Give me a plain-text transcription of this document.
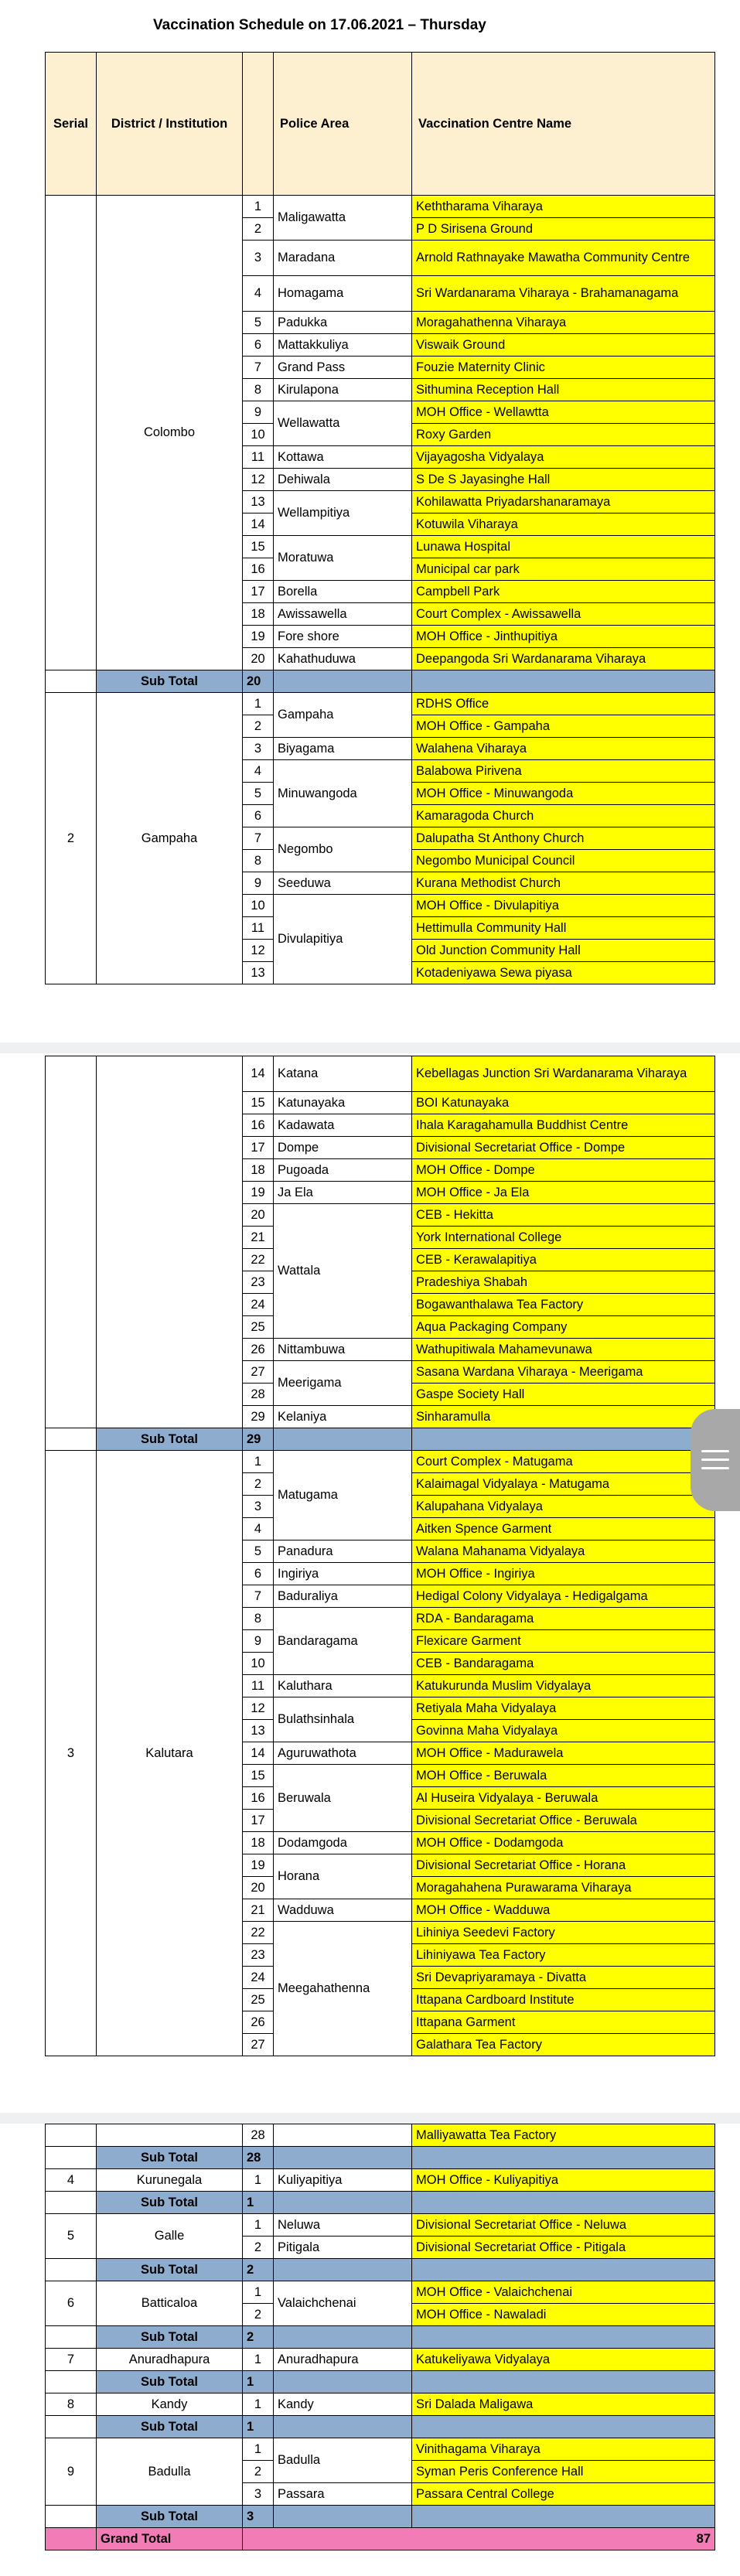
Vaccination Schedule on 17.06.2021 – Thursday
Serial	District / Institution		Police Area	Vaccination Centre Name
	Colombo	1	Maligawatta	Keththarama Viharaya
		2		P D Sirisena Ground
		3	Maradana	Arnold Rathnayake Mawatha Community Centre
		4	Homagama	Sri Wardanarama Viharaya - Brahamanagama
		5	Padukka	Moragahathenna Viharaya
		6	Mattakkuliya	Viswaik Ground
		7	Grand Pass	Fouzie Maternity Clinic
		8	Kirulapona	Sithumina Reception Hall
		9	Wellawatta	MOH Office - Wellawtta
		10		Roxy Garden
		11	Kottawa	Vijayagosha Vidyalaya
		12	Dehiwala	S De S Jayasinghe Hall
		13	Wellampitiya	Kohilawatta Priyadarshanaramaya
		14		Kotuwila Viharaya
		15	Moratuwa	Lunawa Hospital
		16		Municipal car park
		17	Borella	Campbell Park
		18	Awissawella	Court Complex - Awissawella
		19	Fore shore	MOH Office - Jinthupitiya
		20	Kahathuduwa	Deepangoda Sri Wardanarama Viharaya
	Sub Total	20		
2	Gampaha	1	Gampaha	RDHS Office
		2		MOH Office - Gampaha
		3	Biyagama	Walahena Viharaya
		4	Minuwangoda	Balabowa Pirivena
		5		MOH Office - Minuwangoda
		6		Kamaragoda Church
		7	Negombo	Dalupatha St Anthony Church
		8		Negombo Municipal Council
		9	Seeduwa	Kurana Methodist Church
		10	Divulapitiya	MOH Office - Divulapitiya
		11		Hettimulla Community Hall
		12		Old Junction Community Hall
		13		Kotadeniyawa Sewa piyasa
		14	Katana	Kebellagas Junction Sri Wardanarama Viharaya
		15	Katunayaka	BOI Katunayaka
		16	Kadawata	Ihala Karagahamulla Buddhist Centre
		17	Dompe	Divisional Secretariat Office - Dompe
		18	Pugoada	MOH Office - Dompe
		19	Ja Ela	MOH Office - Ja Ela
		20	Wattala	CEB - Hekitta
		21		York International College
		22		CEB - Kerawalapitiya
		23		Pradeshiya Shabah
		24		Bogawanthalawa Tea Factory
		25		Aqua Packaging Company
		26	Nittambuwa	Wathupitiwala Mahamevunawa
		27	Meerigama	Sasana Wardana Viharaya - Meerigama
		28		Gaspe Society Hall
		29	Kelaniya	Sinharamulla
	Sub Total	29		
3	Kalutara	1	Matugama	Court Complex - Matugama
		2		Kalaimagal Vidyalaya - Matugama
		3		Kalupahana Vidyalaya
		4		Aitken Spence Garment
		5	Panadura	Walana Mahanama Vidyalaya
		6	Ingiriya	MOH Office - Ingiriya
		7	Baduraliya	Hedigal Colony Vidyalaya - Hedigalgama
		8	Bandaragama	RDA - Bandaragama
		9		Flexicare Garment
		10		CEB - Bandaragama
		11	Kaluthara	Katukurunda Muslim Vidyalaya
		12	Bulathsinhala	Retiyala Maha Vidyalaya
		13		Govinna Maha Vidyalaya
		14	Aguruwathota	MOH Office - Madurawela
		15	Beruwala	MOH Office - Beruwala
		16		Al Huseira Vidyalaya - Beruwala
		17		Divisional Secretariat Office - Beruwala
		18	Dodamgoda	MOH Office - Dodamgoda
		19	Horana	Divisional Secretariat Office - Horana
		20		Moragahahena Purawarama Viharaya
		21	Wadduwa	MOH Office - Wadduwa
		22	Meegahathenna	Lihiniya Seedevi Factory
		23		Lihiniyawa Tea Factory
		24		Sri Devapriyaramaya - Divatta
		25		Ittapana Cardboard Institute
		26		Ittapana Garment
		27		Galathara Tea Factory
		28		Malliyawatta Tea Factory
	Sub Total	28		
4	Kurunegala	1	Kuliyapitiya	MOH Office - Kuliyapitiya
	Sub Total	1		
5	Galle	1	Neluwa	Divisional Secretariat Office - Neluwa
		2	Pitigala	Divisional Secretariat Office - Pitigala
	Sub Total	2		
6	Batticaloa	1	Valaichchenai	MOH Office - Valaichchenai
		2		MOH Office - Nawaladi
	Sub Total	2		
7	Anuradhapura	1	Anuradhapura	Katukeliyawa Vidyalaya
	Sub Total	1		
8	Kandy	1	Kandy	Sri Dalada Maligawa
	Sub Total	1		
9	Badulla	1	Badulla	Vinithagama Viharaya
		2		Syman Peris Conference Hall
		3	Passara	Passara Central College
	Sub Total	3		
	Grand Total	87		
